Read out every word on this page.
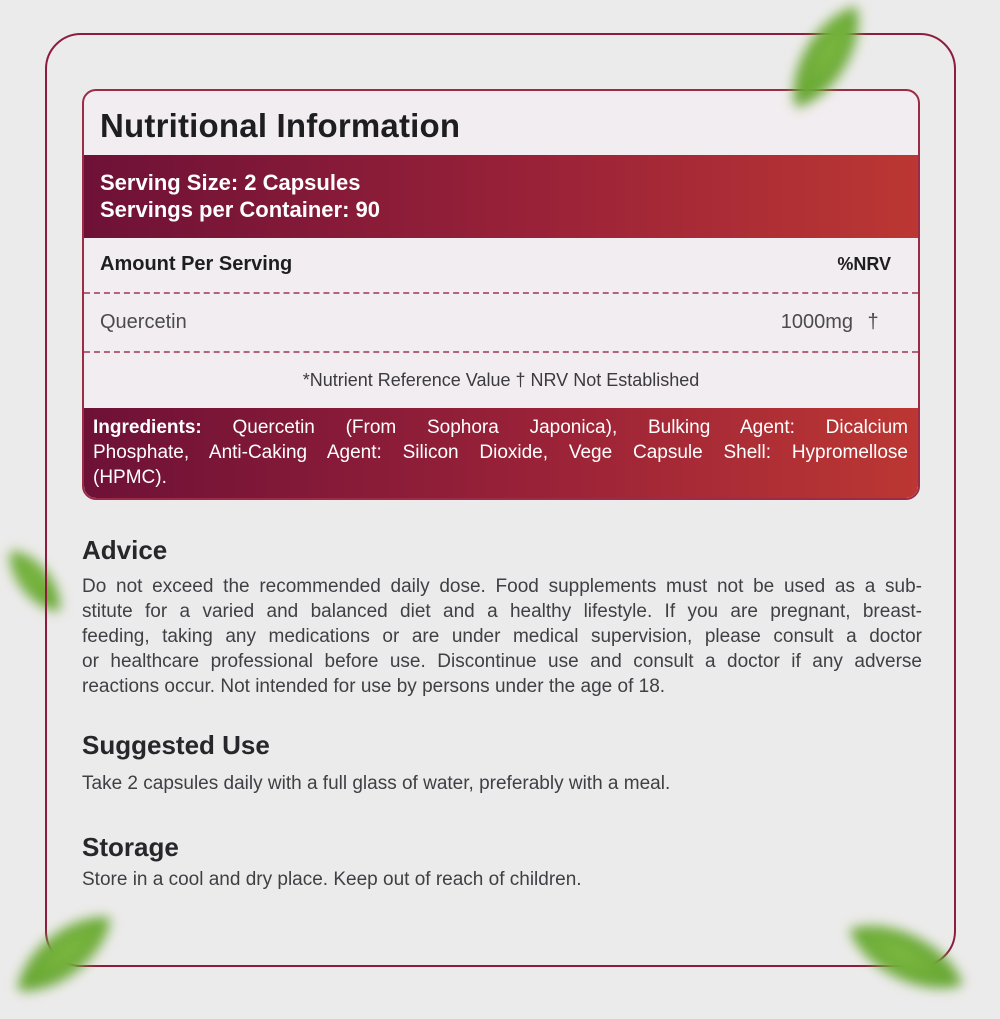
Nutritional Information
Serving Size: 2 Capsules
Servings per Container: 90
Amount Per Serving	%NRV
Quercetin	1000mg †
*Nutrient Reference Value † NRV Not Established
Ingredients: Quercetin (From Sophora Japonica), Bulking Agent: Dicalcium
Phosphate, Anti-Caking Agent: Silicon Dioxide, Vege Capsule Shell: Hypromellose
(HPMC).
Advice
Do not exceed the recommended daily dose. Food supplements must not be used as a sub-
stitute for a varied and balanced diet and a healthy lifestyle. If you are pregnant, breast-
feeding, taking any medications or are under medical supervision, please consult a doctor
or healthcare professional before use. Discontinue use and consult a doctor if any adverse
reactions occur. Not intended for use by persons under the age of 18.
Suggested Use
Take 2 capsules daily with a full glass of water, preferably with a meal.
Storage
Store in a cool and dry place. Keep out of reach of children.
